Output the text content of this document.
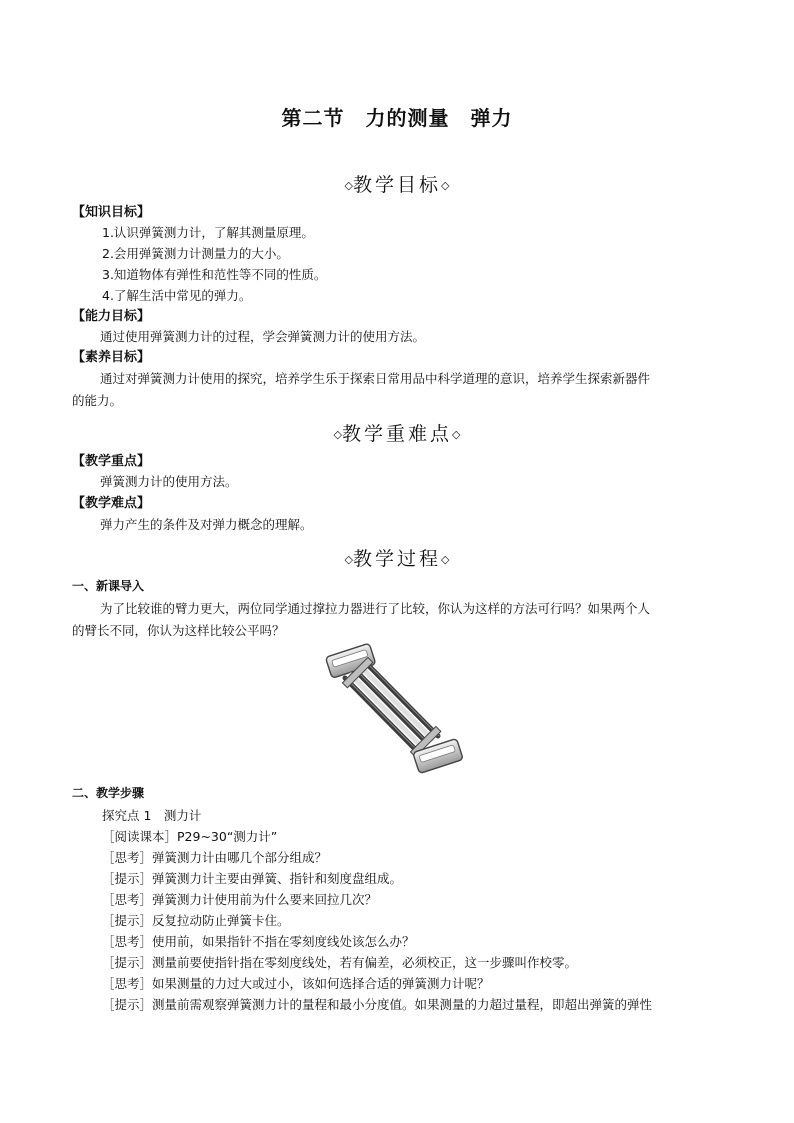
第二节　力的测量　弹力
◇教学目标◇
【知识目标】
1.认识弹簧测力计，了解其测量原理。
2.会用弹簧测力计测量力的大小。
3.知道物体有弹性和范性等不同的性质。
4.了解生活中常见的弹力。
【能力目标】
通过使用弹簧测力计的过程，学会弹簧测力计的使用方法。
【素养目标】
通过对弹簧测力计使用的探究，培养学生乐于探索日常用品中科学道理的意识，培养学生探索新器件
的能力。
◇教学重难点◇
【教学重点】
弹簧测力计的使用方法。
【教学难点】
弹力产生的条件及对弹力概念的理解。
◇教学过程◇
一、新课导入
为了比较谁的臂力更大，两位同学通过撑拉力器进行了比较，你认为这样的方法可行吗？如果两个人
的臂长不同，你认为这样比较公平吗？
二、教学步骤
探究点 1　测力计
［阅读课本］P29~30“测力计”
［思考］弹簧测力计由哪几个部分组成？
［提示］弹簧测力计主要由弹簧、指针和刻度盘组成。
［思考］弹簧测力计使用前为什么要来回拉几次？
［提示］反复拉动防止弹簧卡住。
［思考］使用前，如果指针不指在零刻度线处该怎么办？
［提示］测量前要使指针指在零刻度线处，若有偏差，必须校正，这一步骤叫作校零。
［思考］如果测量的力过大或过小，该如何选择合适的弹簧测力计呢？
［提示］测量前需观察弹簧测力计的量程和最小分度值。如果测量的力超过量程，即超出弹簧的弹性
